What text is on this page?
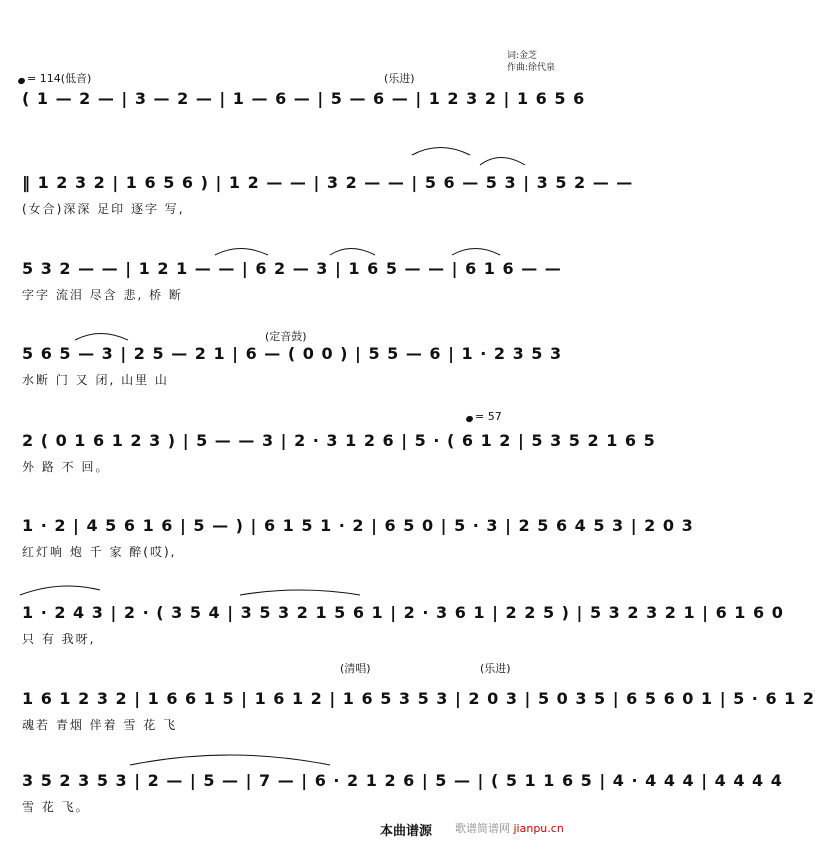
词:金芝
作曲:徐代泉
= 114(低音)
= 57
(乐进)
(定音鼓)
(清唱)	(乐进)
( 1 — 2 — | 3 — 2 — | 1 — 6 — | 5 — 6 — | 1 2 3 2 | 1 6 5 6
‖ 1 2 3 2 | 1 6 5 6 ) | 1 2 — — | 3 2 — — | 5 6 — 5 3 | 3 5 2 — —
(女合)深深 足印 逐字 写,
5 3 2 — — | 1 2 1 — — | 6 2 — 3 | 1 6 5 — — | 6 1 6 — —
字字 流泪 尽含 悲, 桥 断
5 6 5 — 3 | 2 5 — 2 1 | 6 — ( 0 0 ) | 5 5 — 6 | 1 · 2 3 5 3
水断 门 又 闭, 山里 山
2 ( 0 1 6 1 2 3 ) | 5 — — 3 | 2 · 3 1 2 6 | 5 · ( 6 1 2 | 5 3 5 2 1 6 5
外 路 不 回。
1 · 2 | 4 5 6 1 6 | 5 — ) | 6 1 5 1 · 2 | 6 5 0 | 5 · 3 | 2 5 6 4 5 3 | 2 0 3
红灯响 炮 千 家 醉(哎),
1 · 2 4 3 | 2 · ( 3 5 4 | 3 5 3 2 1 5 6 1 | 2 · 3 6 1 | 2 2 5 ) | 5 3 2 3 2 1 | 6 1 6 0
只 有 我呀,
1 6 1 2 3 2 | 1 6 6 1 5 | 1 6 1 2 | 1 6 5 3 5 3 | 2 0 3 | 5 0 3 5 | 6 5 6 0 1 | 5 · 6 1 2
魂若 青烟 伴着 雪 花 飞
3 5 2 3 5 3 | 2 — | 5 — | 7 — | 6 · 2 1 2 6 | 5 — | ( 5 1 1 6 5 | 4 · 4 4 4 | 4 4 4 4
雪 花 飞。
本曲谱源 歌谱简谱网 jianpu.cn
